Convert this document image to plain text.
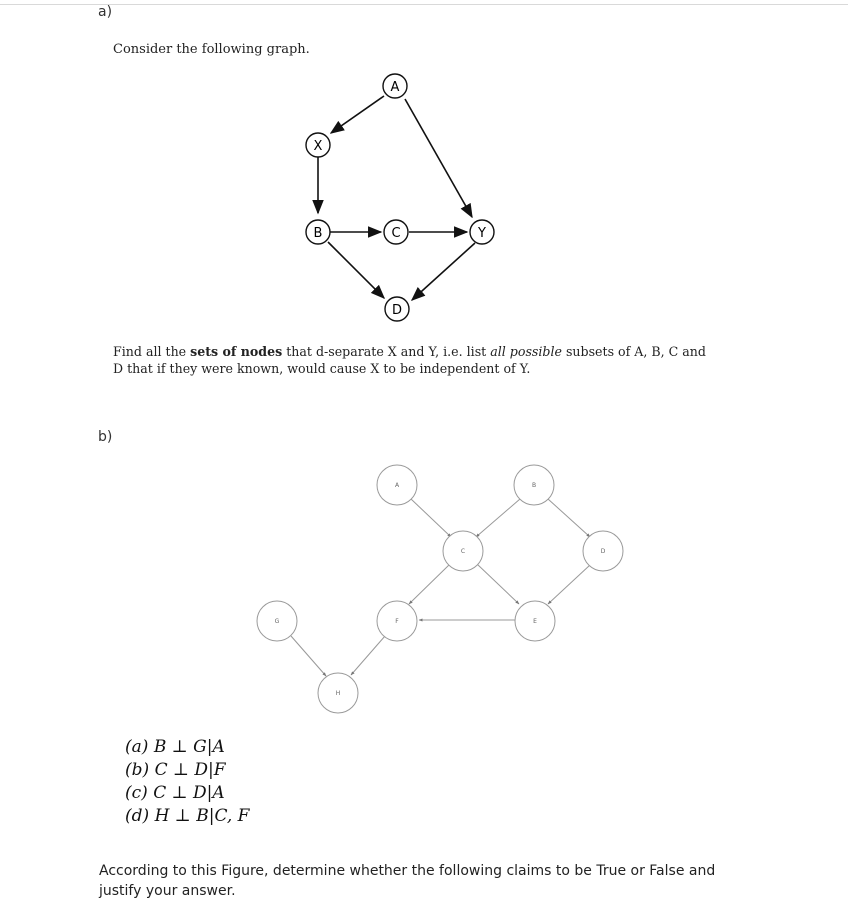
a)
Consider the following graph.
A
X
B	C	Y
D
A	B
C	D
G	F	E
H
Find all the sets of nodes that d-separate X and Y, i.e. list all possible subsets of A, B, C and D that if they were known, would cause X to be independent of Y.
b)
(a) B ⊥ G|A
(b) C ⊥ D|F
(c) C ⊥ D|A
(d) H ⊥ B|C, F
According to this Figure, determine whether the following claims to be True or False and justify your answer.
